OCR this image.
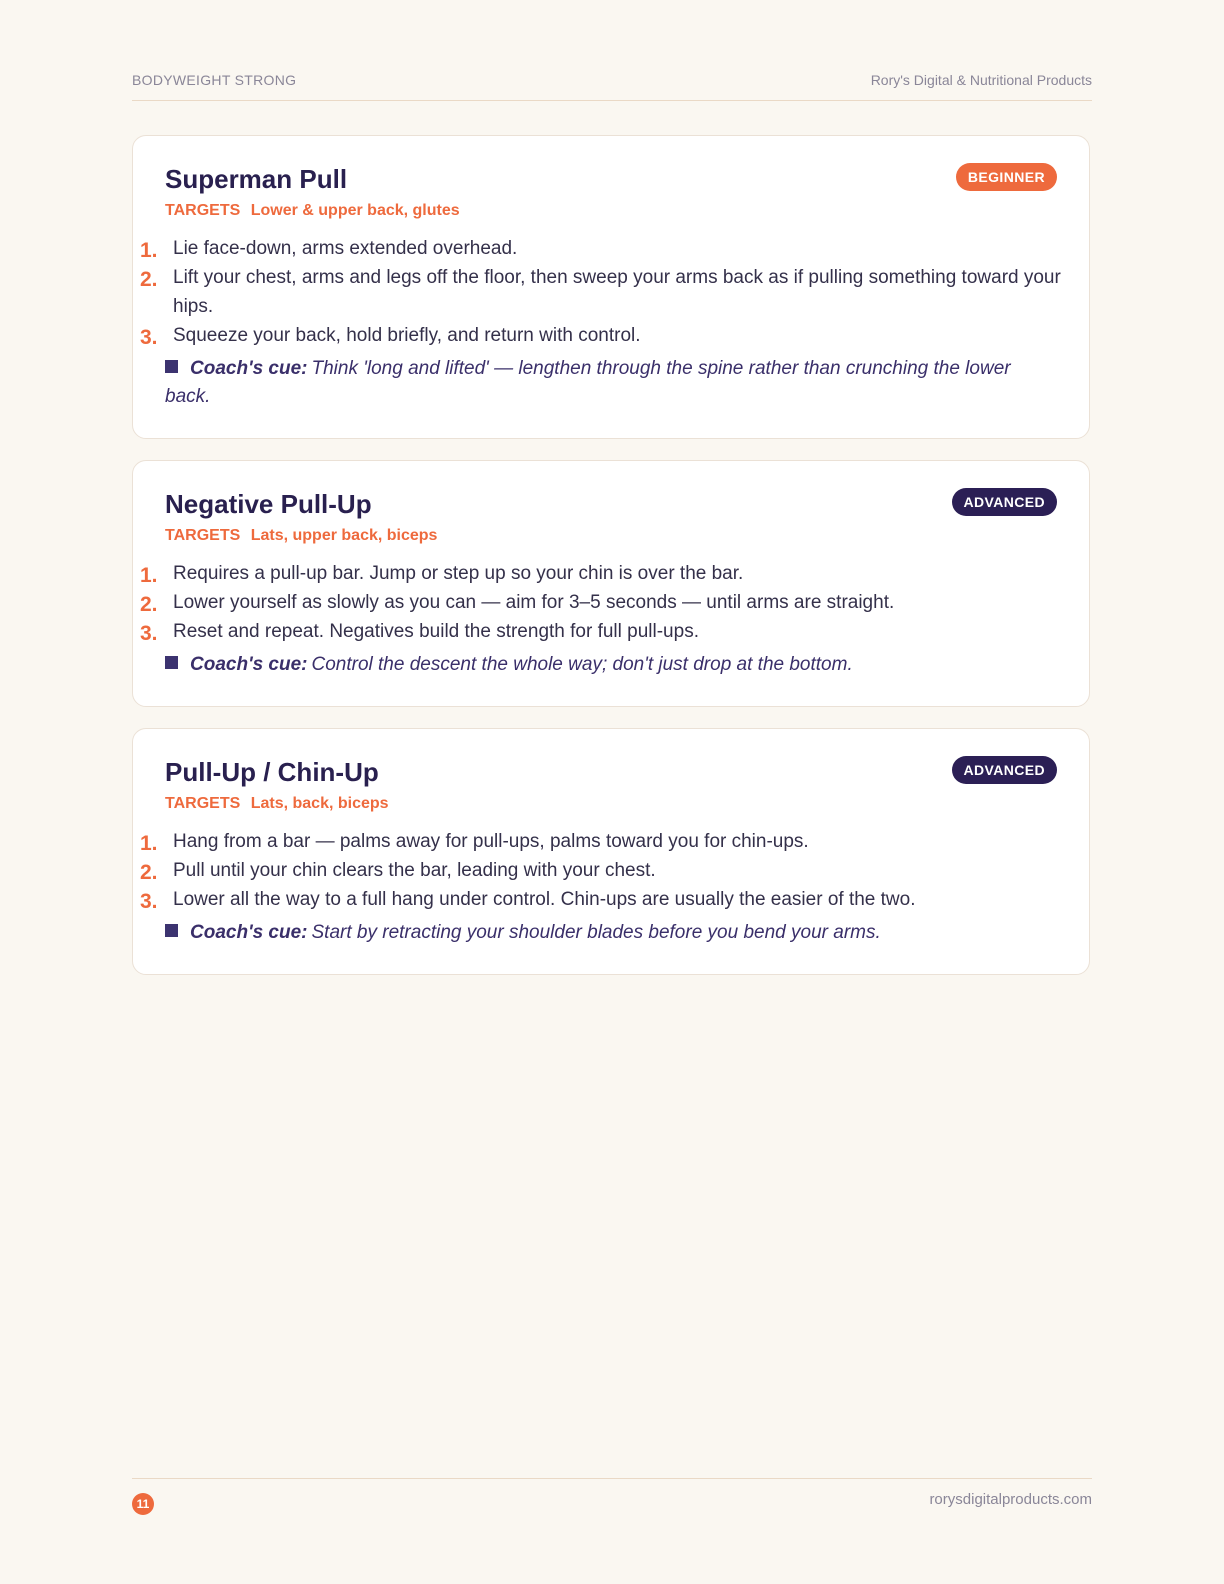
BODYWEIGHT STRONG	Rory's Digital & Nutritional Products
Superman Pull	BEGINNER
TARGETS Lower & upper back, glutes
1. Lie face-down, arms extended overhead.
2. Lift your chest, arms and legs off the floor, then sweep your arms back as if pulling something toward your hips.
3. Squeeze your back, hold briefly, and return with control.
Coach's cue: Think 'long and lifted' — lengthen through the spine rather than crunching the lower back.
Negative Pull-Up	ADVANCED
TARGETS Lats, upper back, biceps
1. Requires a pull-up bar. Jump or step up so your chin is over the bar.
2. Lower yourself as slowly as you can — aim for 3–5 seconds — until arms are straight.
3. Reset and repeat. Negatives build the strength for full pull-ups.
Coach's cue: Control the descent the whole way; don't just drop at the bottom.
Pull-Up / Chin-Up	ADVANCED
TARGETS Lats, back, biceps
1. Hang from a bar — palms away for pull-ups, palms toward you for chin-ups.
2. Pull until your chin clears the bar, leading with your chest.
3. Lower all the way to a full hang under control. Chin-ups are usually the easier of the two.
Coach's cue: Start by retracting your shoulder blades before you bend your arms.
11	rorysdigitalproducts.com
